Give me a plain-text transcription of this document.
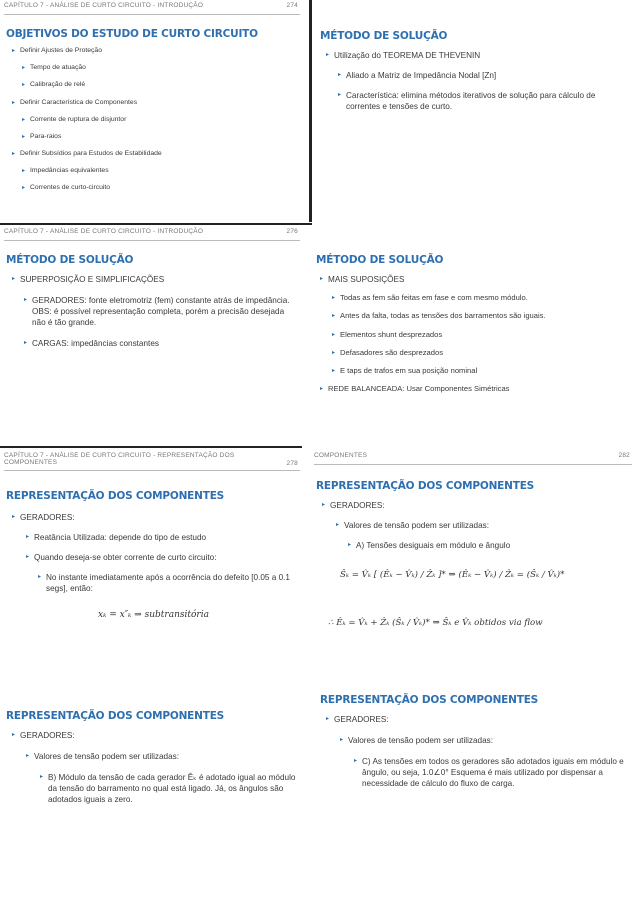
CAPÍTULO 7 - ANÁLISE DE CURTO CIRCUITO - INTRODUÇÃO	274
OBJETIVOS DO ESTUDO DE CURTO CIRCUITO
▸ Definir Ajustes de Proteção
▸ Tempo de atuação
▸ Calibração de relé
▸ Definir Característica de Componentes
▸ Corrente de ruptura de disjuntor
▸ Para-raios
▸ Definir Subsídios para Estudos de Estabilidade
▸ Impedâncias equivalentes
▸ Correntes de curto-circuito
MÉTODO DE SOLUÇÃO
▸ Utilização do TEOREMA DE THEVENIN
▸ Aliado a Matriz de Impedância Nodal [Zn]
▸ Característica: elimina métodos iterativos de solução para cálculo de correntes e tensões de curto.
CAPÍTULO 7 - ANÁLISE DE CURTO CIRCUITO - INTRODUÇÃO	276
MÉTODO DE SOLUÇÃO
▸ SUPERPOSIÇÃO E SIMPLIFICAÇÕES
▸ GERADORES: fonte eletromotriz (fem) constante atrás de impedância. OBS: é possível representação completa, porém a precisão desejada não é tão grande.
▸ CARGAS: impedâncias constantes
MÉTODO DE SOLUÇÃO
▸ MAIS SUPOSIÇÕES
▸ Todas as fem são feitas em fase e com mesmo módulo.
▸ Antes da falta, todas as tensões dos barramentos são iguais.
▸ Elementos shunt desprezados
▸ Defasadores são desprezados
▸ E taps de trafos em sua posição nominal
▸ REDE BALANCEADA: Usar Componentes Simétricas
CAPÍTULO 7 - ANÁLISE DE CURTO CIRCUITO - REPRESENTAÇÃO DOS COMPONENTES	278
REPRESENTAÇÃO DOS COMPONENTES
▸ GERADORES:
▸ Reatância Utilizada: depende do tipo de estudo
▸ Quando deseja-se obter corrente de curto circuito:
▸ No instante imediatamente após a ocorrência do defeito [0.05 a 0.1 segs], então:
xₖ = x″ₖ ⇒ subtransitória
COMPONENTES	282
REPRESENTAÇÃO DOS COMPONENTES
▸ GERADORES:
▸ Valores de tensão podem ser utilizadas:
▸ A) Tensões desiguais em módulo e ângulo
Ŝₖ = V̂ₖ [ (Êₖ − V̂ₖ) / Ẑₖ ]* ⇒ (Êₖ − V̂ₖ) / Ẑₖ = (Ŝₖ / V̂ₖ)*
∴ Êₖ = V̂ₖ + Ẑₖ (Ŝₖ / V̂ₖ)* ⇒ Ŝₖ e V̂ₖ obtidos via flow
REPRESENTAÇÃO DOS COMPONENTES
▸ GERADORES:
▸ Valores de tensão podem ser utilizadas:
▸ B) Módulo da tensão de cada gerador Êₖ é adotado igual ao módulo da tensão do barramento no qual está ligado. Já, os ângulos são adotados iguais a zero.
REPRESENTAÇÃO DOS COMPONENTES
▸ GERADORES:
▸ Valores de tensão podem ser utilizadas:
▸ C) As tensões em todos os geradores são adotados iguais em módulo e ângulo, ou seja, 1.0∠0° Esquema é mais utilizado por dispensar a necessidade de cálculo do fluxo de carga.
